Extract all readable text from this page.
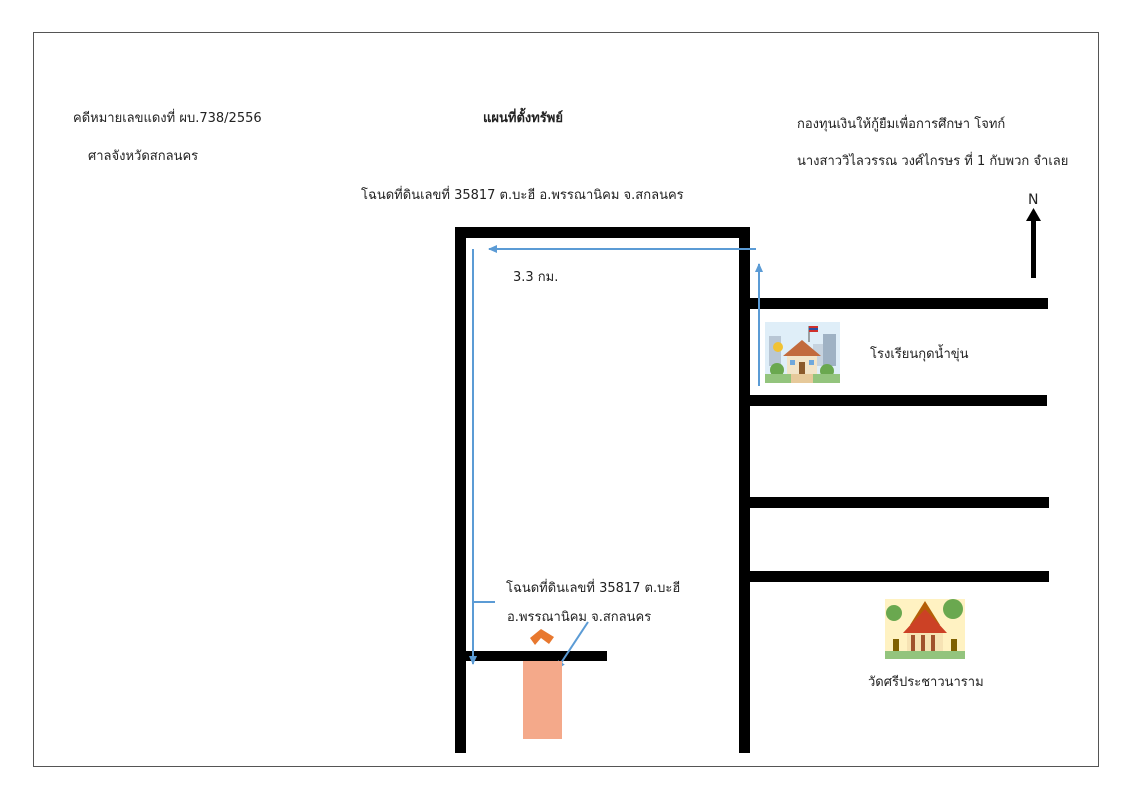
คดีหมายเลขแดงที่ ผบ.738/2556
ศาลจังหวัดสกลนคร
แผนที่ตั้งทรัพย์	กองทุนเงินให้กู้ยืมเพื่อการศึกษา โจทก์
นางสาววิไลวรรณ วงศ์ไกรษร ที่ 1 กับพวก จำเลย
โฉนดที่ดินเลขที่ 35817 ต.บะฮี อ.พรรณานิคม จ.สกลนคร
3.3 กม.
โรงเรียนกุดน้ำขุ่น
วัดศรีประชาวนาราม
โฉนดที่ดินเลขที่ 35817 ต.บะฮี
อ.พรรณานิคม จ.สกลนคร
N
